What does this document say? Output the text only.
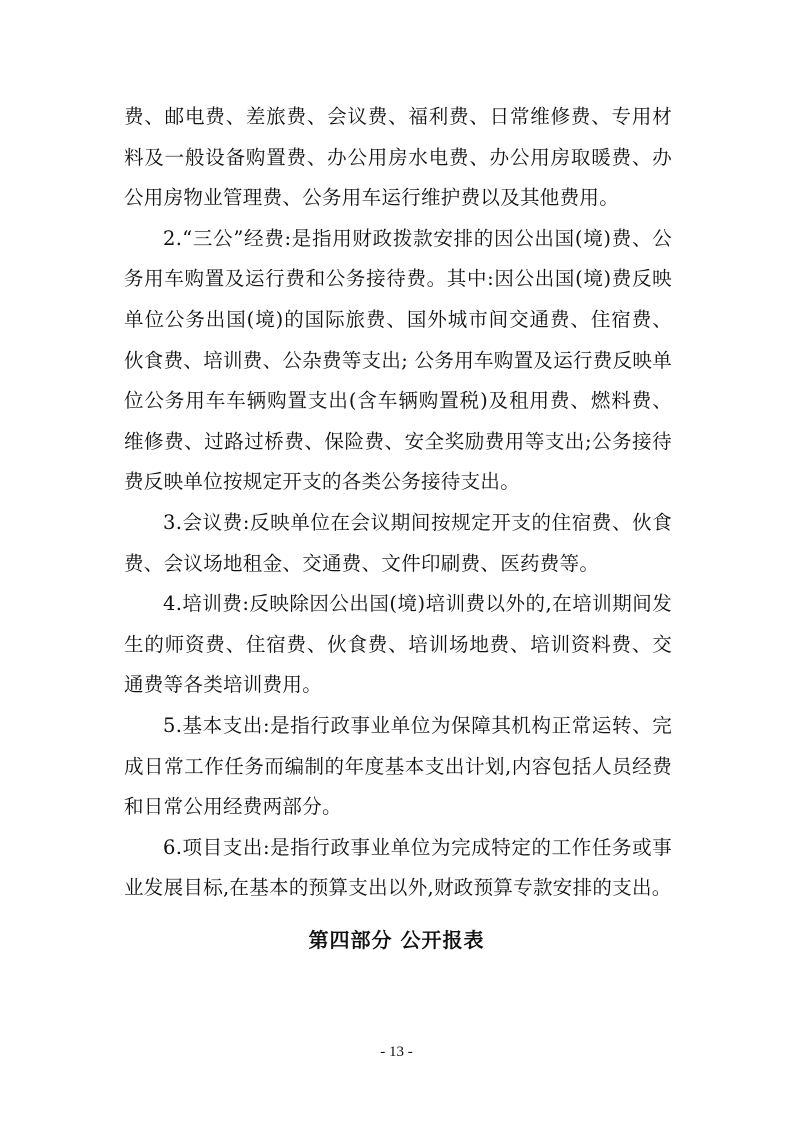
费、邮电费、差旅费、会议费、福利费、日常维修费、专用材料及一般设备购置费、办公用房水电费、办公用房取暖费、办公用房物业管理费、公务用车运行维护费以及其他费用。

2.“三公”经费:是指用财政拨款安排的因公出国(境)费、公务用车购置及运行费和公务接待费。其中:因公出国(境)费反映单位公务出国(境)的国际旅费、国外城市间交通费、住宿费、伙食费、培训费、公杂费等支出; 公务用车购置及运行费反映单位公务用车车辆购置支出(含车辆购置税)及租用费、燃料费、维修费、过路过桥费、保险费、安全奖励费用等支出;公务接待费反映单位按规定开支的各类公务接待支出。

3.会议费:反映单位在会议期间按规定开支的住宿费、伙食费、会议场地租金、交通费、文件印刷费、医药费等。

4.培训费:反映除因公出国(境)培训费以外的,在培训期间发生的师资费、住宿费、伙食费、培训场地费、培训资料费、交通费等各类培训费用。

5.基本支出:是指行政事业单位为保障其机构正常运转、完成日常工作任务而编制的年度基本支出计划,内容包括人员经费和日常公用经费两部分。

6.项目支出:是指行政事业单位为完成特定的工作任务或事业发展目标,在基本的预算支出以外,财政预算专款安排的支出。

第四部分 公开报表
- 13 -
